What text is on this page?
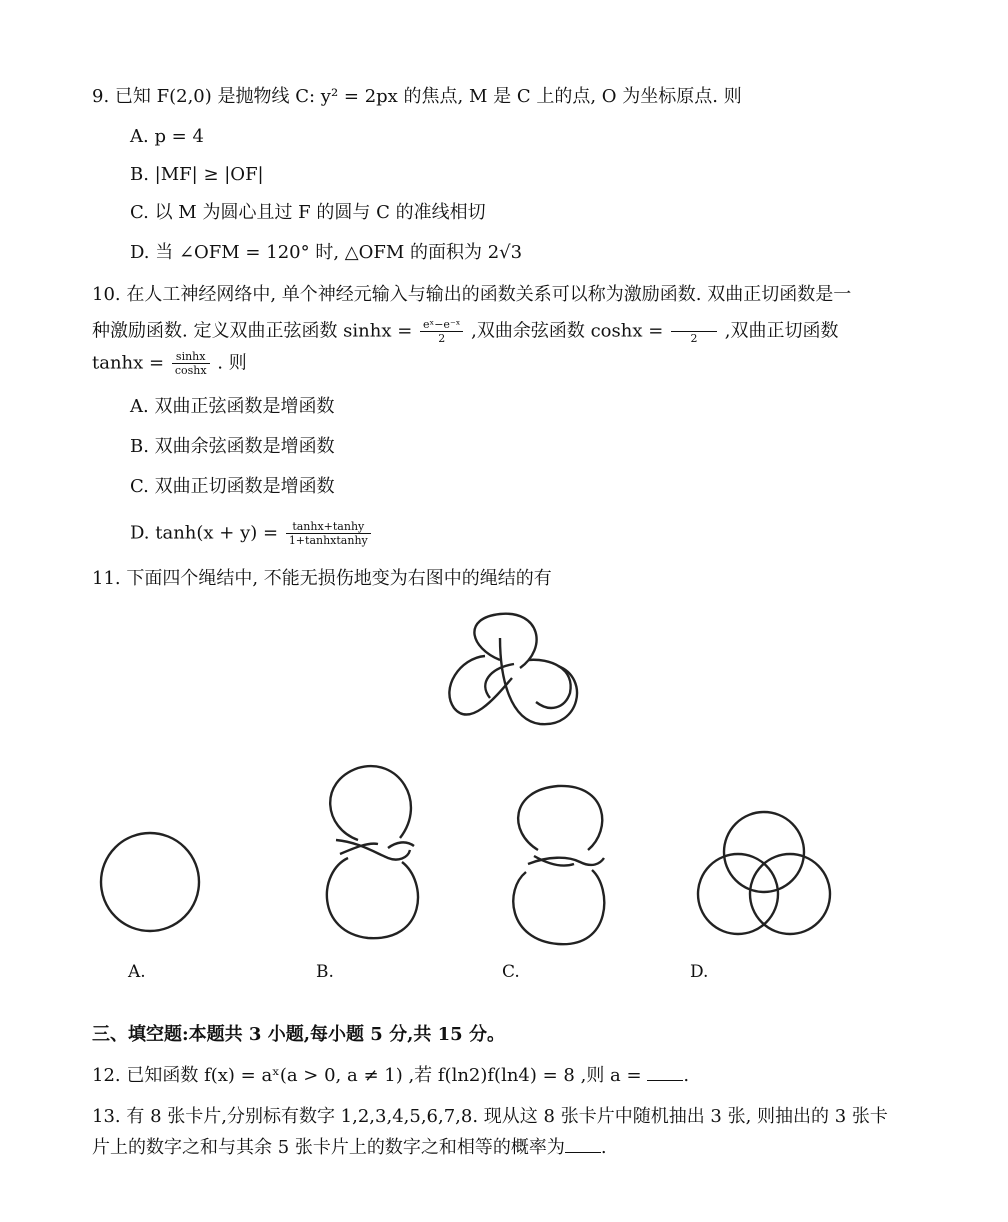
9. 已知 F(2,0) 是抛物线 C: y² = 2px 的焦点, M 是 C 上的点, O 为坐标原点. 则
A. p = 4
B. |MF| ≥ |OF|
C. 以 M 为圆心且过 F 的圆与 C 的准线相切
D. 当 ∠OFM = 120° 时, △OFM 的面积为 2√3
10. 在人工神经网络中, 单个神经元输入与输出的函数关系可以称为激励函数. 双曲正切函数是一
种激励函数. 定义双曲正弦函数 $\sinh x = \frac{\text{eˣ−e⁻ˣ}}{2}$ ,双曲余弦函数 coshx =
	2	,双曲正切函数
$\tanh x = \frac{\sinh x}{\cosh x}$ . 则
A. 双曲正弦函数是增函数
B. 双曲余弦函数是增函数
C. 双曲正切函数是增函数
D. $\tanh(x + y) = \frac{\tanh x+\tanh y}{\text{1+tanhxtanhy}}$
11. 下面四个绳结中, 不能无损伤地变为右图中的绳结的有
A.	B.	C.	D.
三、填空题:本题共 3 小题,每小题 5 分,共 15 分。
12. 已知函数 f(x) = aˣ(a > 0, a ≠ 1) ,若 f(ln2)f(ln4) = 8 ,则 a = .
13. 有 8 张卡片,分别标有数字 1,2,3,4,5,6,7,8. 现从这 8 张卡片中随机抽出 3 张, 则抽出的 3 张卡
片上的数字之和与其余 5 张卡片上的数字之和相等的概率为 .
